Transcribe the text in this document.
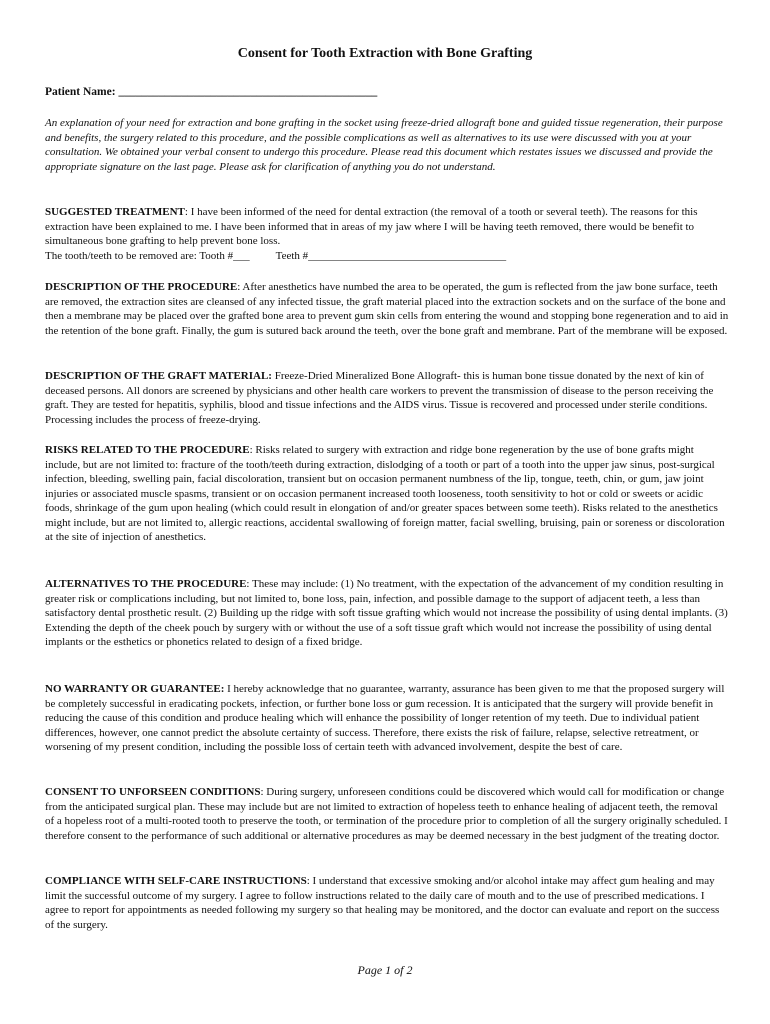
Consent for Tooth Extraction with Bone Grafting
Patient Name: _____________________________________________
An explanation of your need for extraction and bone grafting in the socket using freeze-dried allograft bone and guided tissue regeneration, their purpose and benefits, the surgery related to this procedure, and the possible complications as well as alternatives to its use were discussed with you at your consultation. We obtained your verbal consent to undergo this procedure. Please read this document which restates issues we discussed and provide the appropriate signature on the last page. Please ask for clarification of anything you do not understand.
SUGGESTED TREATMENT: I have been informed of the need for dental extraction (the removal of a tooth or several teeth). The reasons for this extraction have been explained to me. I have been informed that in areas of my jaw where I will be having teeth removed, there would be benefit to simultaneous bone grafting to help prevent bone loss.
The tooth/teeth to be removed are: Tooth #___ Teeth #____________________________________
DESCRIPTION OF THE PROCEDURE: After anesthetics have numbed the area to be operated, the gum is reflected from the jaw bone surface, teeth are removed, the extraction sites are cleansed of any infected tissue, the graft material placed into the extraction sockets and on the surface of the bone and then a membrane may be placed over the grafted bone area to prevent gum skin cells from entering the wound and stopping bone regeneration and to aid in the retention of the bone graft. Finally, the gum is sutured back around the teeth, over the bone graft and membrane. Part of the membrane will be exposed.
DESCRIPTION OF THE GRAFT MATERIAL: Freeze-Dried Mineralized Bone Allograft- this is human bone tissue donated by the next of kin of deceased persons. All donors are screened by physicians and other health care workers to prevent the transmission of disease to the person receiving the graft. They are tested for hepatitis, syphilis, blood and tissue infections and the AIDS virus. Tissue is recovered and processed under sterile conditions. Processing includes the process of freeze-drying.
RISKS RELATED TO THE PROCEDURE: Risks related to surgery with extraction and ridge bone regeneration by the use of bone grafts might include, but are not limited to: fracture of the tooth/teeth during extraction, dislodging of a tooth or part of a tooth into the upper jaw sinus, post-surgical infection, bleeding, swelling pain, facial discoloration, transient but on occasion permanent numbness of the lip, tongue, teeth, chin, or gum, jaw joint injuries or associated muscle spasms, transient or on occasion permanent increased tooth looseness, tooth sensitivity to hot or cold or sweets or acidic foods, shrinkage of the gum upon healing (which could result in elongation of and/or greater spaces between some teeth). Risks related to the anesthetics might include, but are not limited to, allergic reactions, accidental swallowing of foreign matter, facial swelling, bruising, pain or soreness or discoloration at the site of injection of anesthetics.
ALTERNATIVES TO THE PROCEDURE: These may include: (1) No treatment, with the expectation of the advancement of my condition resulting in greater risk or complications including, but not limited to, bone loss, pain, infection, and possible damage to the support of adjacent teeth, a less than satisfactory dental prosthetic result. (2) Building up the ridge with soft tissue grafting which would not increase the possibility of using dental implants. (3) Extending the depth of the cheek pouch by surgery with or without the use of a soft tissue graft which would not increase the possibility of using dental implants or the esthetics or phonetics related to design of a fixed bridge.
NO WARRANTY OR GUARANTEE: I hereby acknowledge that no guarantee, warranty, assurance has been given to me that the proposed surgery will be completely successful in eradicating pockets, infection, or further bone loss or gum recession. It is anticipated that the surgery will provide benefit in reducing the cause of this condition and produce healing which will enhance the possibility of longer retention of my teeth. Due to individual patient differences, however, one cannot predict the absolute certainty of success. Therefore, there exists the risk of failure, relapse, selective retreatment, or worsening of my present condition, including the possible loss of certain teeth with advanced involvement, despite the best of care.
CONSENT TO UNFORSEEN CONDITIONS: During surgery, unforeseen conditions could be discovered which would call for modification or change from the anticipated surgical plan. These may include but are not limited to extraction of hopeless teeth to enhance healing of adjacent teeth, the removal of a hopeless root of a multi-rooted tooth to preserve the tooth, or termination of the procedure prior to completion of all the surgery originally scheduled. I therefore consent to the performance of such additional or alternative procedures as may be deemed necessary in the best judgment of the treating doctor.
COMPLIANCE WITH SELF-CARE INSTRUCTIONS: I understand that excessive smoking and/or alcohol intake may affect gum healing and may limit the successful outcome of my surgery. I agree to follow instructions related to the daily care of mouth and to the use of prescribed medications. I agree to report for appointments as needed following my surgery so that healing may be monitored, and the doctor can evaluate and report on the success of the surgery.
Page 1 of 2
